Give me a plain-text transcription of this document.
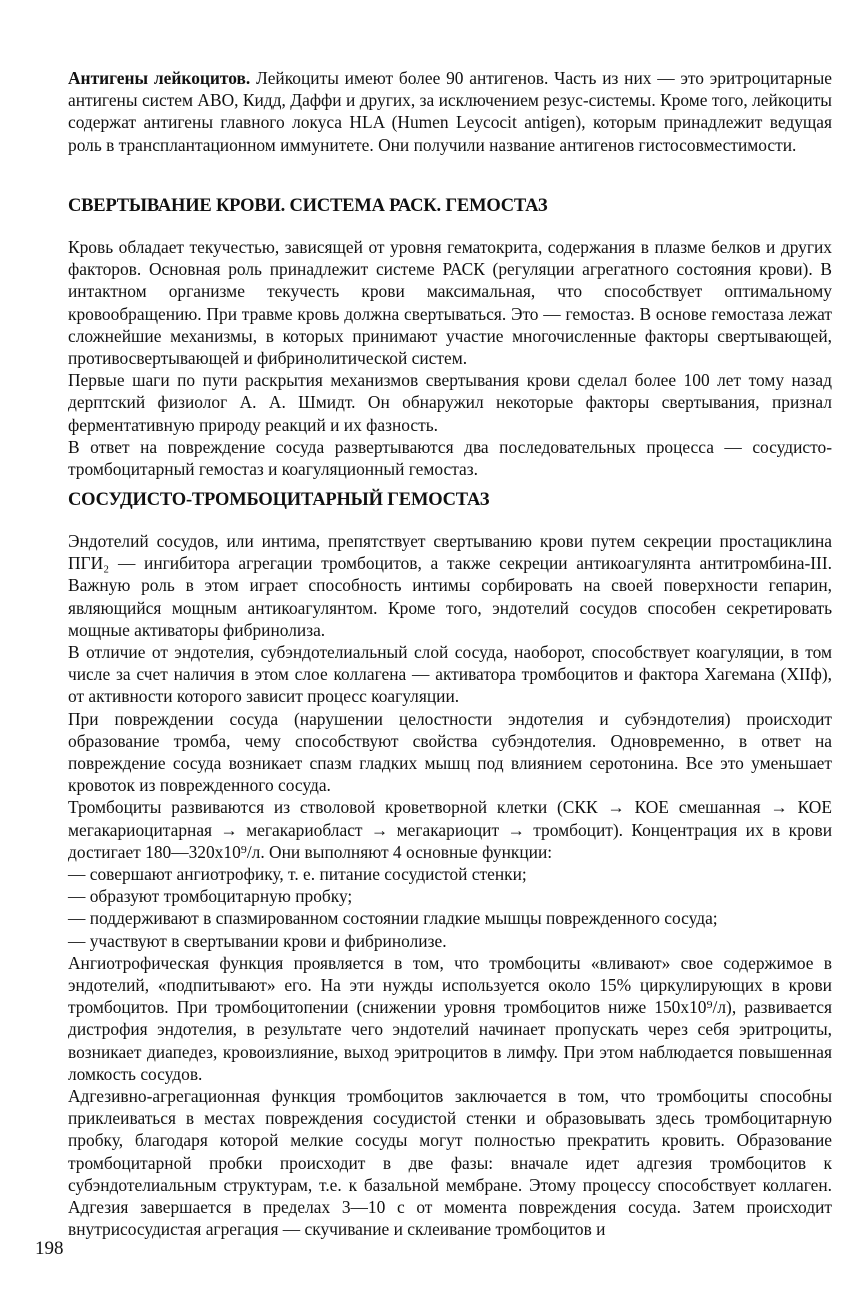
Антигены лейкоцитов. Лейкоциты имеют более 90 антигенов. Часть из них — это эритроцитарные антигены систем АВО, Кидд, Даффи и других, за исключением резус-системы. Кроме того, лейкоциты содержат антигены главного локуса HLA (Humen Leycocit antigen), которым принадлежит ведущая роль в трансплантационном иммунитете. Они получили название антигенов гистосовместимости.

СВЕРТЫВАНИЕ КРОВИ. СИСТЕМА РАСК. ГЕМОСТАЗ

Кровь обладает текучестью, зависящей от уровня гематокрита, содержания в плазме белков и других факторов. Основная роль принадлежит системе РАСК (регуляции агрегатного состояния крови). В интактном организме текучесть крови максимальная, что способствует оптимальному кровообращению. При травме кровь должна свертываться. Это — гемостаз. В основе гемостаза лежат сложнейшие механизмы, в которых принимают участие многочисленные факторы свертывающей, противосвертывающей и фибринолитической систем.

Первые шаги по пути раскрытия механизмов свертывания крови сделал более 100 лет тому назад дерптский физиолог А. А. Шмидт. Он обнаружил некоторые факторы свертывания, признал ферментативную природу реакций и их фазность.

В ответ на повреждение сосуда развертываются два последовательных процесса — сосудисто-тромбоцитарный гемостаз и коагуляционный гемостаз.

СОСУДИСТО-ТРОМБОЦИТАРНЫЙ ГЕМОСТАЗ

Эндотелий сосудов, или интима, препятствует свертыванию крови путем секреции простациклина ПГИ₂ — ингибитора агрегации тромбоцитов, а также секреции антикоагулянта антитромбина-III. Важную роль в этом играет способность интимы сорбировать на своей поверхности гепарин, являющийся мощным антикоагулянтом. Кроме того, эндотелий сосудов способен секретировать мощные активаторы фибринолиза.

В отличие от эндотелия, субэндотелиальный слой сосуда, наоборот, способствует коагуляции, в том числе за счет наличия в этом слое коллагена — активатора тромбоцитов и фактора Хагемана (XIIф), от активности которого зависит процесс коагуляции.

При повреждении сосуда (нарушении целостности эндотелия и субэндотелия) происходит образование тромба, чему способствуют свойства субэндотелия. Одновременно, в ответ на повреждение сосуда возникает спазм гладких мышц под влиянием серотонина. Все это уменьшает кровоток из поврежденного сосуда.

Тромбоциты развиваются из стволовой кроветворной клетки (СКК → КОЕ смешанная → КОЕ мегакариоцитарная → мегакариобласт → мегакариоцит → тромбоцит). Концентрация их в крови достигает 180—320x10⁹/л. Они выполняют 4 основные функции:

— совершают ангиотрофику, т. е. питание сосудистой стенки;
— образуют тромбоцитарную пробку;
— поддерживают в спазмированном состоянии гладкие мышцы поврежденного сосуда;
— участвуют в свертывании крови и фибринолизе.

Ангиотрофическая функция проявляется в том, что тромбоциты «вливают» свое содержимое в эндотелий, «подпитывают» его. На эти нужды используется около 15% циркулирующих в крови тромбоцитов. При тромбоцитопении (снижении уровня тромбоцитов ниже 150x10⁹/л), развивается дистрофия эндотелия, в результате чего эндотелий начинает пропускать через себя эритроциты, возникает диапедез, кровоизлияние, выход эритроцитов в лимфу. При этом наблюдается повышенная ломкость сосудов.

Адгезивно-агрегационная функция тромбоцитов заключается в том, что тромбоциты способны приклеиваться в местах повреждения сосудистой стенки и образовывать здесь тромбоцитарную пробку, благодаря которой мелкие сосуды могут полностью прекратить кровить. Образование тромбоцитарной пробки происходит в две фазы: вначале идет адгезия тромбоцитов к субэндотелиальным структурам, т.е. к базальной мембране. Этому процессу способствует коллаген. Адгезия завершается в пределах 3—10 с от момента повреждения сосуда. Затем происходит внутрисосудистая агрегация — скучивание и склеивание тромбоцитов и

198
